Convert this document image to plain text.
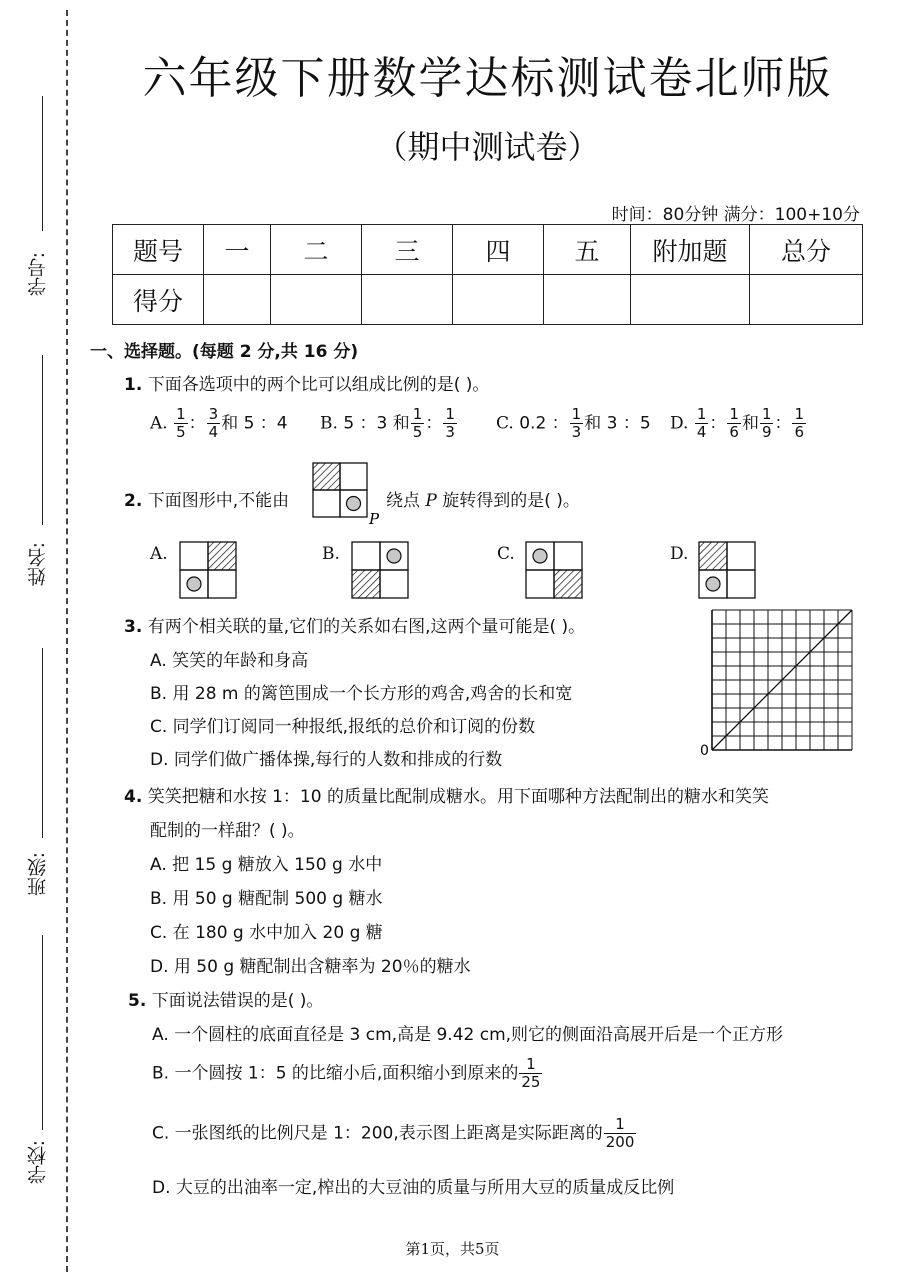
学号:
姓名:
班级:
学校:
六年级下册数学达标测试卷北师版
（期中测试卷）
时间：80分钟 满分：100+10分
题号	一	二	三	四	五	附加题	总分
得分							
一、选择题。(每题 2 分,共 16 分)
1. 下面各选项中的两个比可以组成比例的是( )。
A. $\frac{1}{5}$ ： $\frac{3}{4}$ 和 5 ：4 B. 5 ：3 和 $\frac{1}{5}$ ： $\frac{1}{3} C$. 0.2 ： $\frac{1}{3}$ 和 3 ：5 D. $\frac{1}{4}$ ： $\frac{1}{6}$ 和 $\frac{1}{9}$ ： $\frac{1}{6}$
2. 下面图形中,不能由
P
绕点 P 旋转得到的是( )。
A.	B.	C.	D.
3. 有两个相关联的量,它们的关系如右图,这两个量可能是( )。
A. 笑笑的年龄和身高
B. 用 28 m 的篱笆围成一个长方形的鸡舍,鸡舍的长和宽
C. 同学们订阅同一种报纸,报纸的总价和订阅的份数
D. 同学们做广播体操,每行的人数和排成的行数	0
4. 笑笑把糖和水按 1：10 的质量比配制成糖水。用下面哪种方法配制出的糖水和笑笑
配制的一样甜？( )。
A. 把 15 g 糖放入 150 g 水中
B. 用 50 g 糖配制 500 g 糖水
C. 在 180 g 水中加入 20 g 糖
D. 用 50 g 糖配制出含糖率为 20％的糖水
5. 下面说法错误的是( )。
A. 一个圆柱的底面直径是 3 cm,高是 9.42 cm,则它的侧面沿高展开后是一个正方形
B. 一个圆按 1：5 的比缩小后,面积缩小到原来的 $\frac{1}{25}$
C. 一张图纸的比例尺是 1：200,表示图上距离是实际距离的 $\frac{1}{200}$
D. 大豆的出油率一定,榨出的大豆油的质量与所用大豆的质量成反比例
第1页，共5页
